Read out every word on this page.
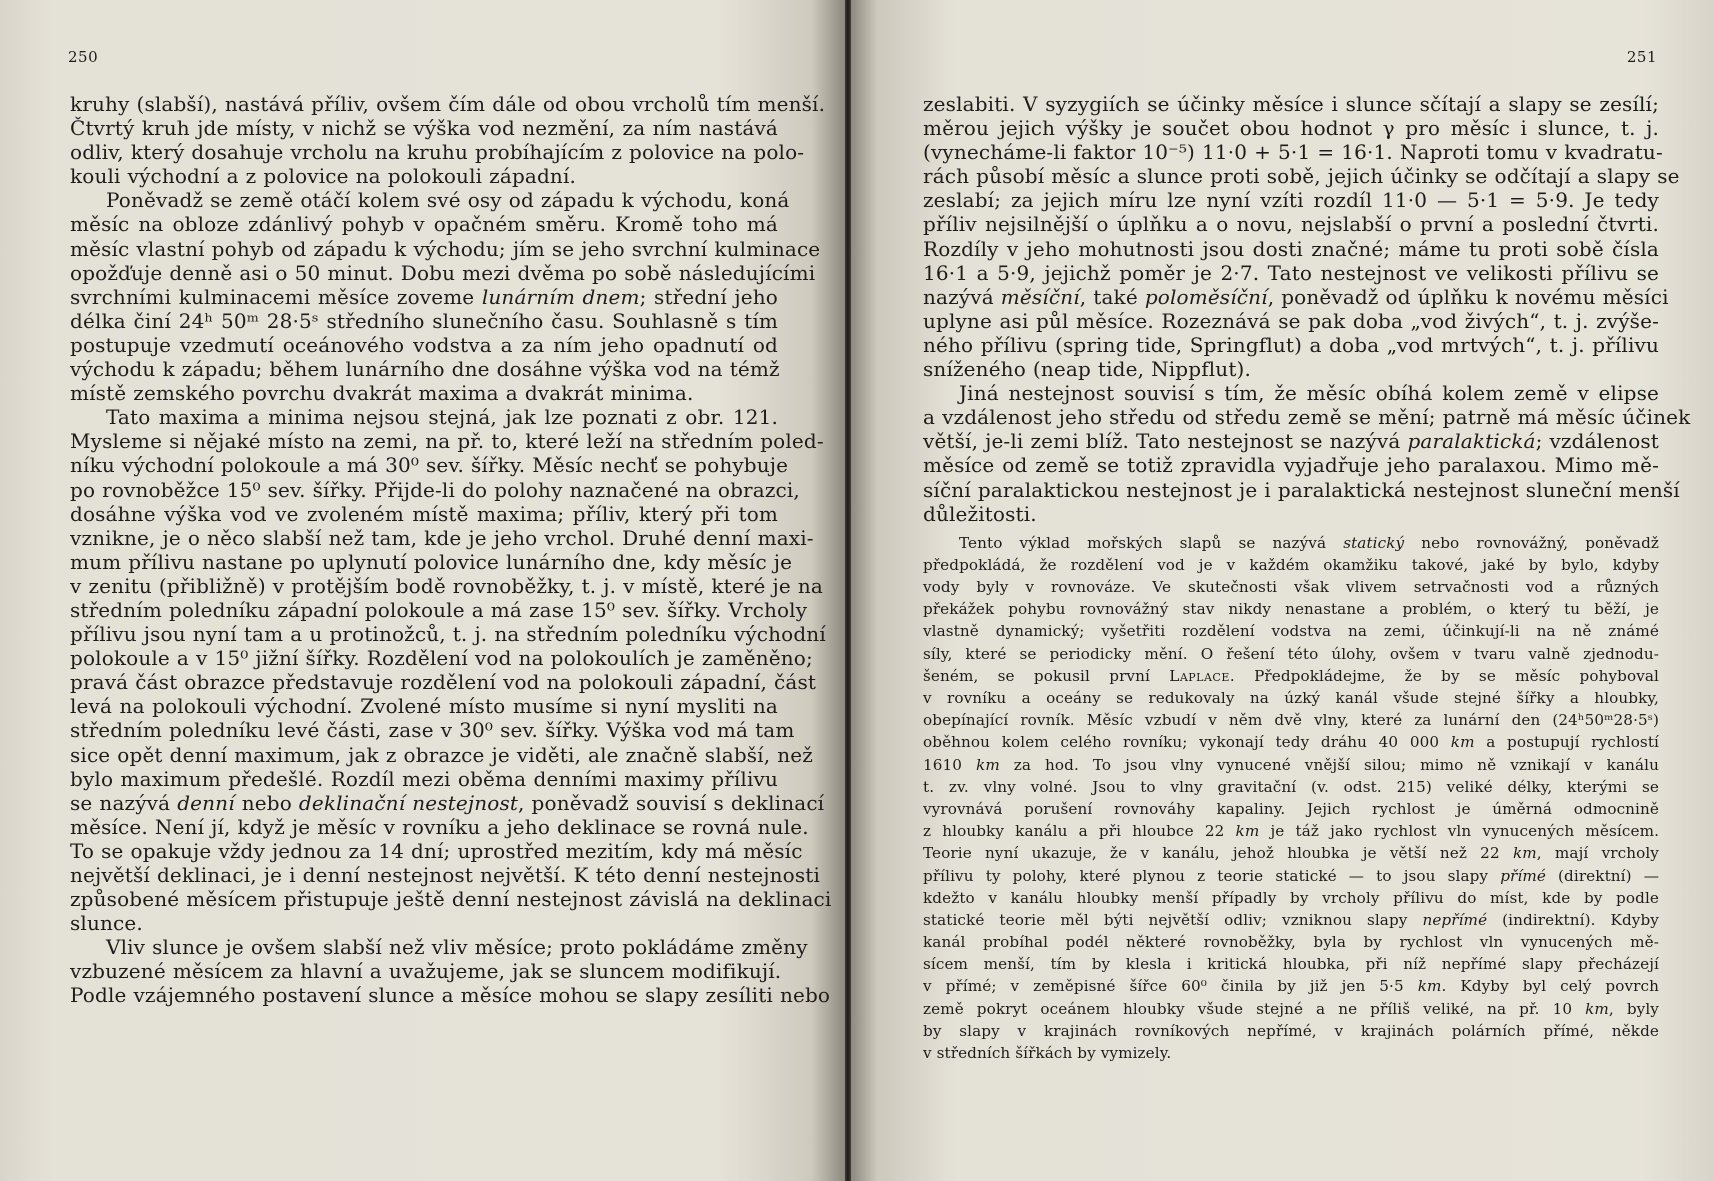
250
kruhy (slabší), nastává příliv, ovšem čím dále od obou vrcholů tím menší.
Čtvrtý kruh jde místy, v nichž se výška vod nezmění, za ním nastává
odliv, který dosahuje vrcholu na kruhu probíhajícím z polovice na polo-
kouli východní a z polovice na polokouli západní.
Poněvadž se země otáčí kolem své osy od západu k východu, koná
měsíc na obloze zdánlivý pohyb v opačném směru. Kromě toho má
měsíc vlastní pohyb od západu k východu; jím se jeho svrchní kulminace
opožďuje denně asi o 50 minut. Dobu mezi dvěma po sobě následujícími
svrchními kulminacemi měsíce zoveme lunárním dnem; střední jeho
délka činí 24ʰ 50ᵐ 28·5ˢ středního slunečního času. Souhlasně s tím
postupuje vzedmutí oceánového vodstva a za ním jeho opadnutí od
východu k západu; během lunárního dne dosáhne výška vod na témž
místě zemského povrchu dvakrát maxima a dvakrát minima.
Tato maxima a minima nejsou stejná, jak lze poznati z obr. 121.
Mysleme si nějaké místo na zemi, na př. to, které leží na středním poled-
níku východní polokoule a má 30⁰ sev. šířky. Měsíc nechť se pohybuje
po rovnoběžce 15⁰ sev. šířky. Přijde-li do polohy naznačené na obrazci,
dosáhne výška vod ve zvoleném místě maxima; příliv, který při tom
vznikne, je o něco slabší než tam, kde je jeho vrchol. Druhé denní maxi-
mum přílivu nastane po uplynutí polovice lunárního dne, kdy měsíc je
v zenitu (přibližně) v protějším bodě rovnoběžky, t. j. v místě, které je na
středním poledníku západní polokoule a má zase 15⁰ sev. šířky. Vrcholy
přílivu jsou nyní tam a u protinožců, t. j. na středním poledníku východní
polokoule a v 15⁰ jižní šířky. Rozdělení vod na polokoulích je zaměněno;
pravá část obrazce představuje rozdělení vod na polokouli západní, část
levá na polokouli východní. Zvolené místo musíme si nyní mysliti na
středním poledníku levé části, zase v 30⁰ sev. šířky. Výška vod má tam
sice opět denní maximum, jak z obrazce je viděti, ale značně slabší, než
bylo maximum předešlé. Rozdíl mezi oběma denními maximy přílivu
se nazývá denní nebo deklinační nestejnost, poněvadž souvisí s deklinací
měsíce. Není jí, když je měsíc v rovníku a jeho deklinace se rovná nule.
To se opakuje vždy jednou za 14 dní; uprostřed mezitím, kdy má měsíc
největší deklinaci, je i denní nestejnost největší. K této denní nestejnosti
způsobené měsícem přistupuje ještě denní nestejnost závislá na deklinaci
slunce.
Vliv slunce je ovšem slabší než vliv měsíce; proto pokládáme změny
vzbuzené měsícem za hlavní a uvažujeme, jak se sluncem modifikují.
Podle vzájemného postavení slunce a měsíce mohou se slapy zesíliti nebo
251
zeslabiti. V syzygiích se účinky měsíce i slunce sčítají a slapy se zesílí;
měrou jejich výšky je součet obou hodnot γ pro měsíc i slunce, t. j.
(vynecháme-li faktor 10⁻⁵) 11·0 + 5·1 = 16·1. Naproti tomu v kvadratu-
rách působí měsíc a slunce proti sobě, jejich účinky se odčítají a slapy se
zeslabí; za jejich míru lze nyní vzíti rozdíl 11·0 — 5·1 = 5·9. Je tedy
příliv nejsilnější o úplňku a o novu, nejslabší o první a poslední čtvrti.
Rozdíly v jeho mohutnosti jsou dosti značné; máme tu proti sobě čísla
16·1 a 5·9, jejichž poměr je 2·7. Tato nestejnost ve velikosti přílivu se
nazývá měsíční, také poloměsíční, poněvadž od úplňku k novému měsíci
uplyne asi půl měsíce. Rozeznává se pak doba „vod živých“, t. j. zvýše-
ného přílivu (spring tide, Springflut) a doba „vod mrtvých“, t. j. přílivu
sníženého (neap tide, Nippflut).
Jiná nestejnost souvisí s tím, že měsíc obíhá kolem země v elipse
a vzdálenost jeho středu od středu země se mění; patrně má měsíc účinek
větší, je-li zemi blíž. Tato nestejnost se nazývá paralaktická; vzdálenost
měsíce od země se totiž zpravidla vyjadřuje jeho paralaxou. Mimo mě-
síční paralaktickou nestejnost je i paralaktická nestejnost sluneční menší
důležitosti.
Tento výklad mořských slapů se nazývá statický nebo rovnovážný, poněvadž
předpokládá, že rozdělení vod je v každém okamžiku takové, jaké by bylo, kdyby
vody byly v rovnováze. Ve skutečnosti však vlivem setrvačnosti vod a různých
překážek pohybu rovnovážný stav nikdy nenastane a problém, o který tu běží, je
vlastně dynamický; vyšetřiti rozdělení vodstva na zemi, účinkují-li na ně známé
síly, které se periodicky mění. O řešení této úlohy, ovšem v tvaru valně zjednodu-
šeném, se pokusil první Laplace. Předpokládejme, že by se měsíc pohyboval
v rovníku a oceány se redukovaly na úzký kanál všude stejné šířky a hloubky,
obepínající rovník. Měsíc vzbudí v něm dvě vlny, které za lunární den (24ʰ50ᵐ28·5ˢ)
oběhnou kolem celého rovníku; vykonají tedy dráhu 40 000 km a postupují rychlostí
1610 km za hod. To jsou vlny vynucené vnější silou; mimo ně vznikají v kanálu
t. zv. vlny volné. Jsou to vlny gravitační (v. odst. 215) veliké délky, kterými se
vyrovnává porušení rovnováhy kapaliny. Jejich rychlost je úměrná odmocnině
z hloubky kanálu a při hloubce 22 km je táž jako rychlost vln vynucených měsícem.
Teorie nyní ukazuje, že v kanálu, jehož hloubka je větší než 22 km, mají vrcholy
přílivu ty polohy, které plynou z teorie statické — to jsou slapy přímé (direktní) —
kdežto v kanálu hloubky menší případly by vrcholy přílivu do míst, kde by podle
statické teorie měl býti největší odliv; vzniknou slapy nepřímé (indirektní). Kdyby
kanál probíhal podél některé rovnoběžky, byla by rychlost vln vynucených mě-
sícem menší, tím by klesla i kritická hloubka, při níž nepřímé slapy přecházejí
v přímé; v zeměpisné šířce 60⁰ činila by již jen 5·5 km. Kdyby byl celý povrch
země pokryt oceánem hloubky všude stejné a ne příliš veliké, na př. 10 km, byly
by slapy v krajinách rovníkových nepřímé, v krajinách polárních přímé, někde
v středních šířkách by vymizely.
